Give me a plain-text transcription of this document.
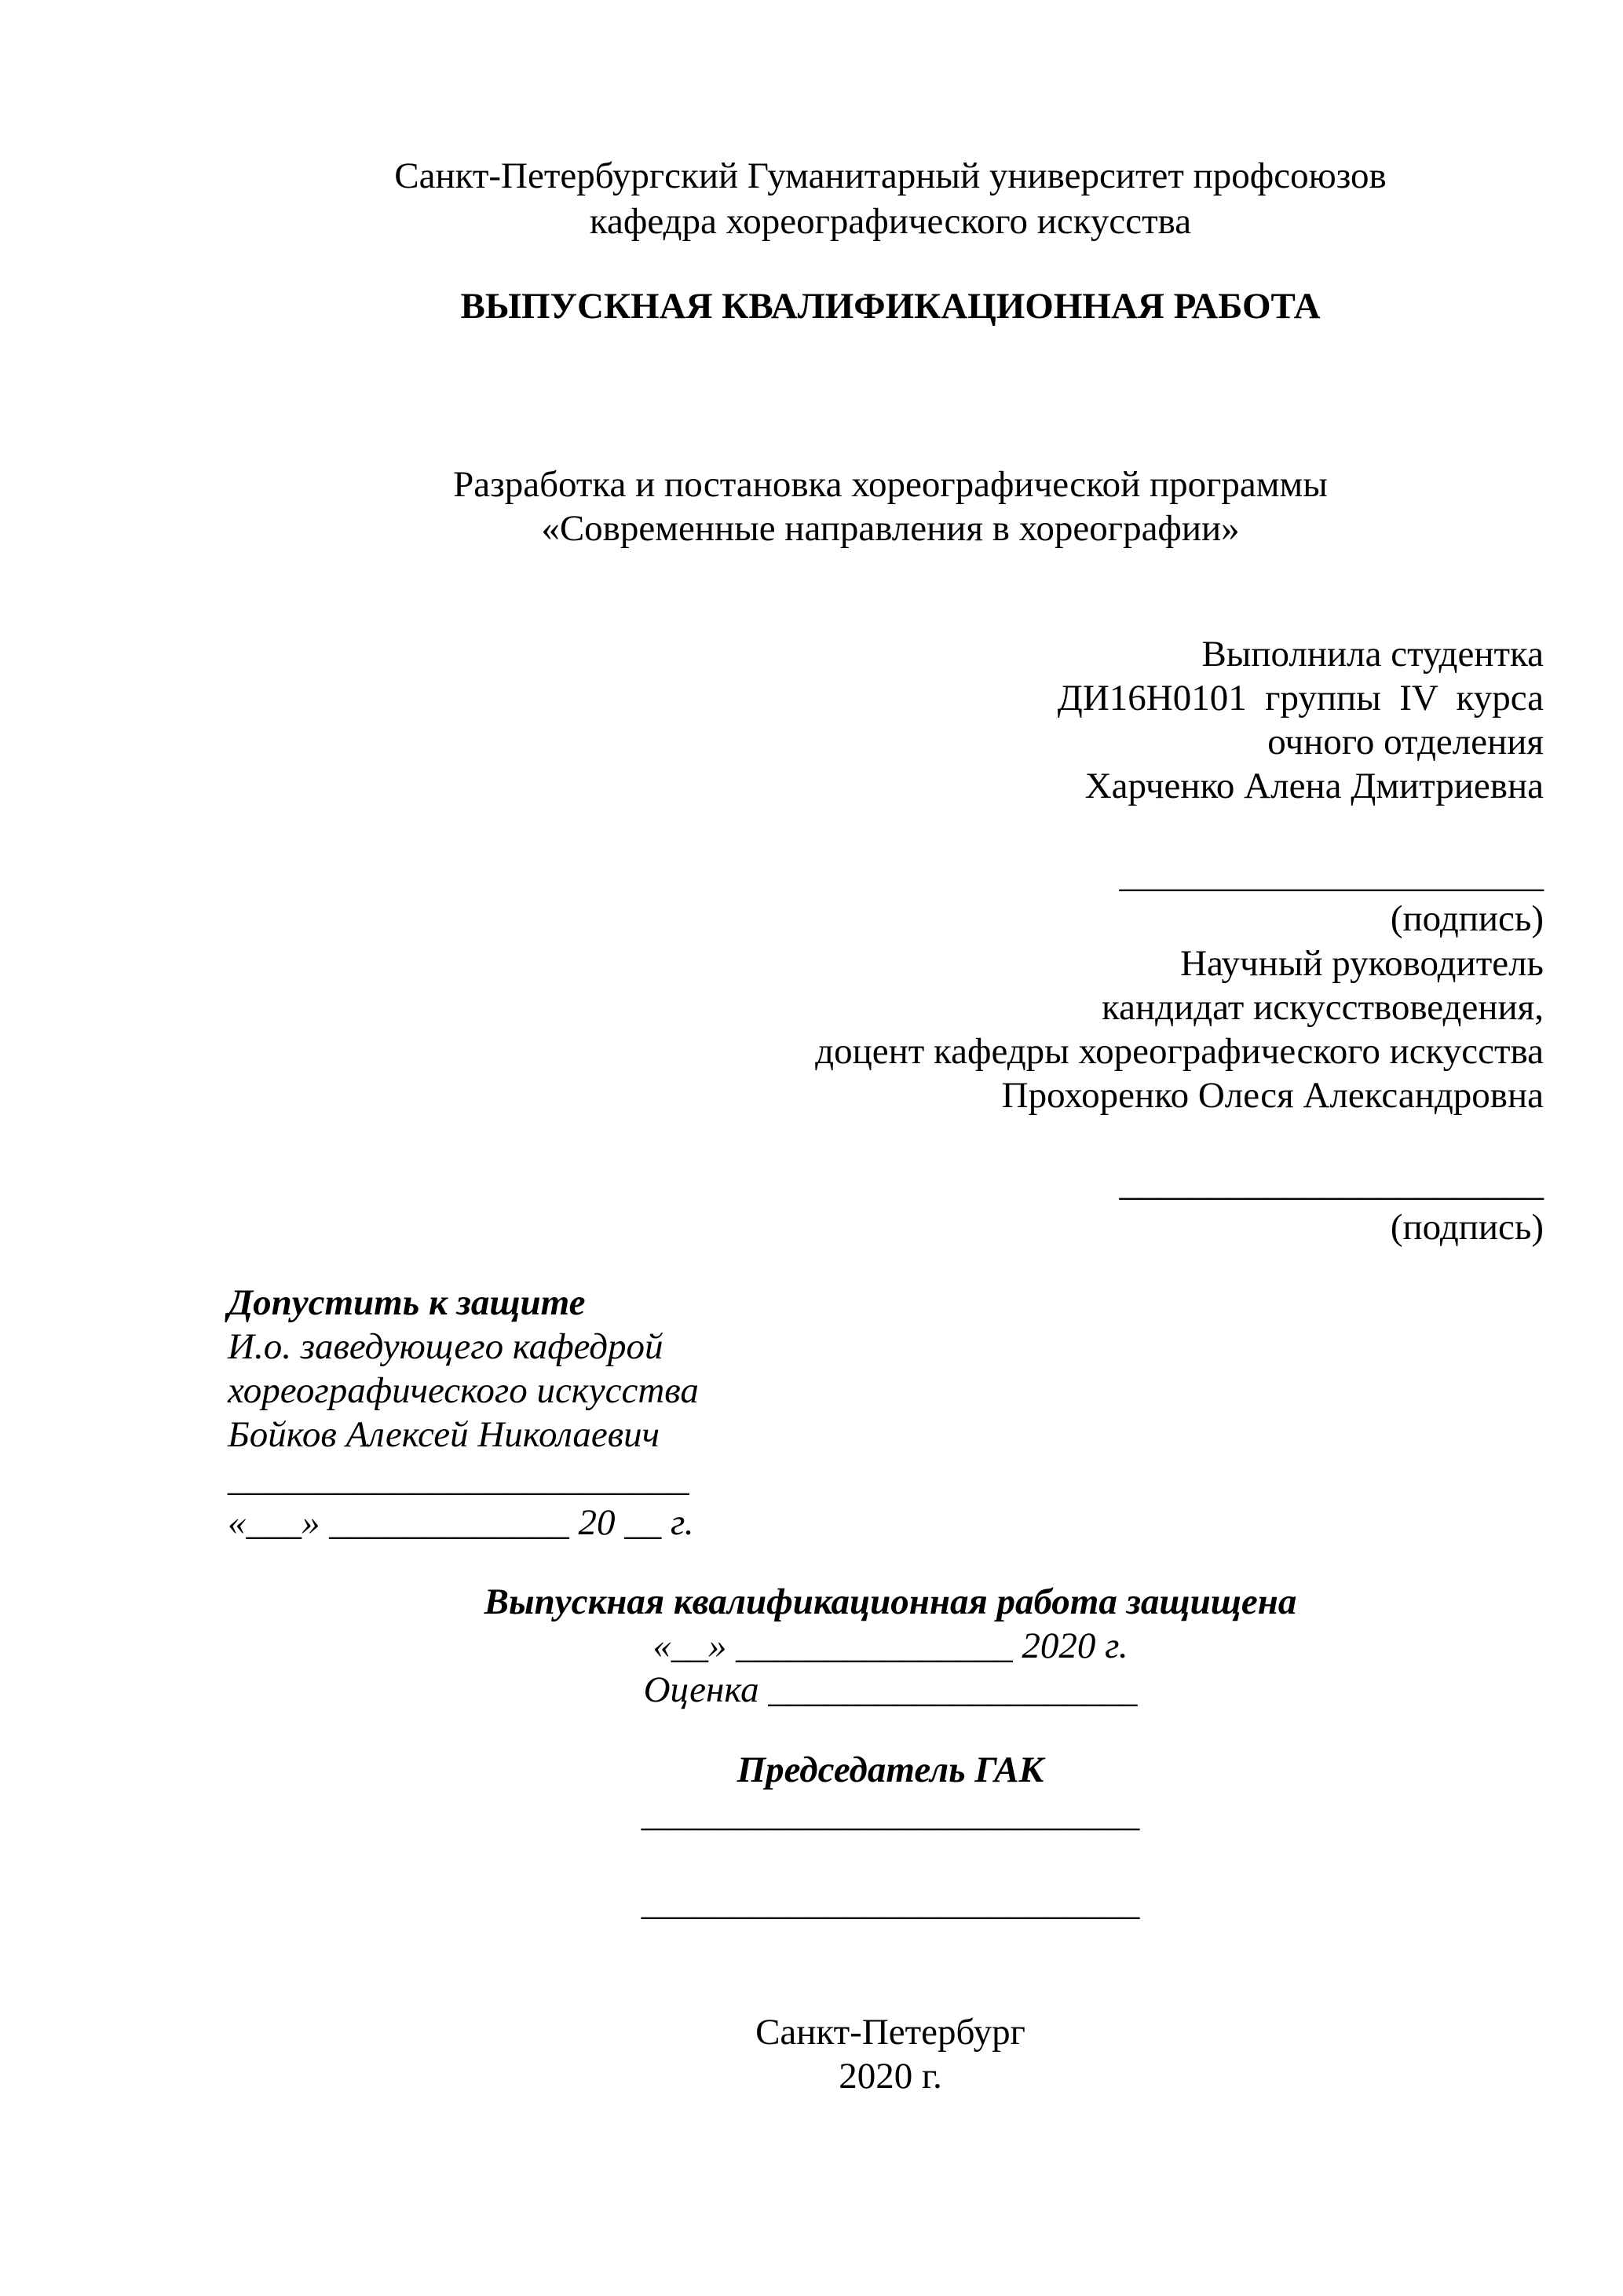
Санкт-Петербургский Гуманитарный университет профсоюзов
кафедра хореографического искусства
ВЫПУСКНАЯ КВАЛИФИКАЦИОННАЯ РАБОТА
Разработка и постановка хореографической программы
«Современные направления в хореографии»
Выполнила студентка
ДИ16Н0101  группы  IV  курса
очного отделения
Харченко Алена Дмитриевна
_______________________
(подпись)
Научный руководитель
кандидат искусствоведения,
доцент кафедры хореографического искусства
Прохоренко Олеся Александровна
_______________________
(подпись)
Допустить к защите
И.о. заведующего кафедрой
хореографического искусства
Бойков Алексей Николаевич
_________________________
«___» _____________ 20 __ г.
Выпускная квалификационная работа защищена
«__» _______________ 2020 г.
Оценка ____________________
Председатель ГАК
___________________________
___________________________
Санкт-Петербург
2020 г.
